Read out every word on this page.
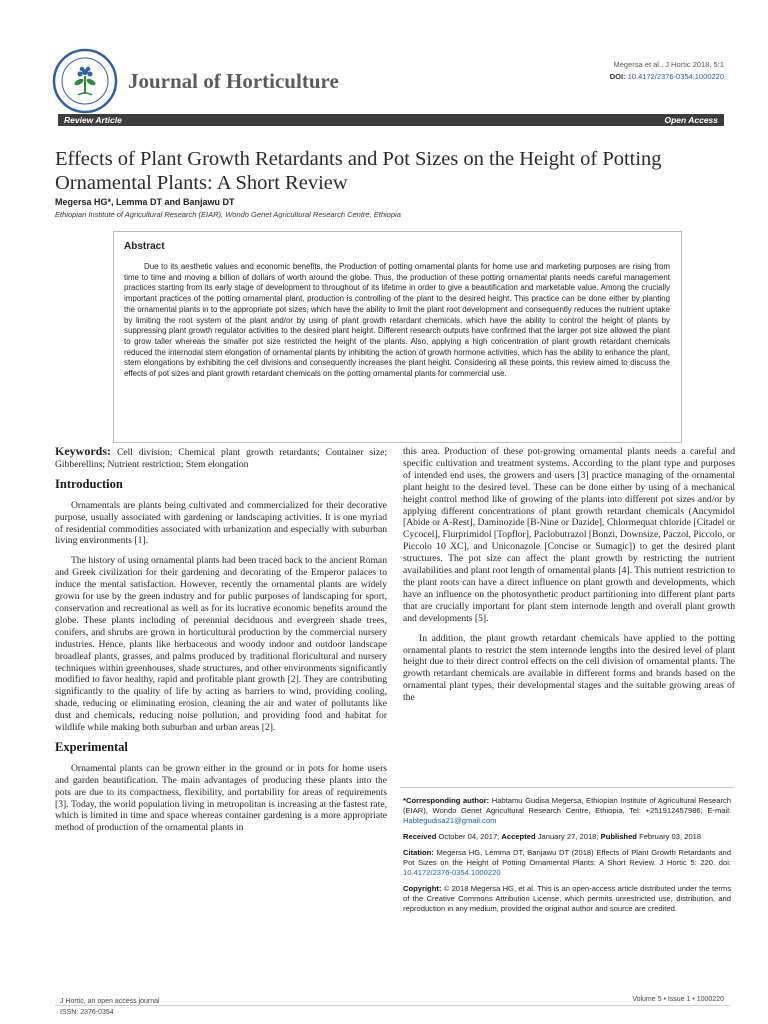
Journal of Horticulture
Megersa et al., J Hortic 2018, 5:1
DOI: 10.4172/2376-0354.1000220
Review Article	Open Access
Effects of Plant Growth Retardants and Pot Sizes on the Height of Potting Ornamental Plants: A Short Review
Megersa HG*, Lemma DT and Banjawu DT
Ethiopian Institute of Agricultural Research (EIAR), Wondo Genet Agricultural Research Centre, Ethiopia
Abstract

Due to its aesthetic values and economic benefits, the Production of potting ornamental plants for home use and marketing purposes are rising from time to time and moving a billion of dollars of worth around the globe. Thus, the production of these potting ornamental plants needs careful management practices starting from its early stage of development to throughout of its lifetime in order to give a beautification and marketable value. Among the crucially important practices of the potting ornamental plant, production is controlling of the plant to the desired height. This practice can be done either by planting the ornamental plants in to the appropriate pot sizes, which have the ability to limit the plant root development and consequently reduces the nutrient uptake by limiting the root system of the plant and/or by using of plant growth retardant chemicals, which have the ability to control the height of plants by suppressing plant growth regulator activities to the desired plant height. Different research outputs have confirmed that the larger pot size allowed the plant to grow taller whereas the smaller pot size restricted the height of the plants. Also, applying a high concentration of plant growth retardant chemicals reduced the internodal stem elongation of ornamental plants by inhibiting the action of growth hormone activities, which has the ability to enhance the plant, stem elongations by exhibiting the cell divisions and consequently increases the plant height. Considering all these points, this review aimed to discuss the effects of pot sizes and plant growth retardant chemicals on the potting ornamental plants for commercial use.

Keywords: Cell division; Chemical plant growth retardants; Container size; Gibberellins; Nutrient restriction; Stem elongation

Introduction

Ornamentals are plants being cultivated and commercialized for their decorative purpose, usually associated with gardening or landscaping activities. It is one myriad of residential commodities associated with urbanization and especially with suburban living environments [1].

The history of using ornamental plants had been traced back to the ancient Roman and Greek civilization for their gardening and decorating of the Emperor palaces to induce the mental satisfaction. However, recently the ornamental plants are widely grown for use by the green industry and for public purposes of landscaping for sport, conservation and recreational as well as for its lucrative economic benefits around the globe. These plants including of perennial deciduous and evergreen shade trees, conifers, and shrubs are grown in horticultural production by the commercial nursery industries. Hence, plants like herbaceous and woody indoor and outdoor landscape broadleaf plants, grasses, and palms produced by traditional floricultural and nursery techniques within greenhouses, shade structures, and other environments significantly modified to favor healthy, rapid and profitable plant growth [2]. They are contributing significantly to the quality of life by acting as barriers to wind, providing cooling, shade, reducing or eliminating erosion, cleaning the air and water of pollutants like dust and chemicals, reducing noise pollution, and providing food and habitat for wildlife while making both suburban and urban areas [2].

Experimental

Ornamental plants can be grown either in the ground or in pots for home users and garden beautification. The main advantages of producing these plants into the pots are due to its compactness, flexibility, and portability for areas of requirements [3]. Today, the world population living in metropolitan is increasing at the fastest rate, which is limited in time and space whereas container gardening is a more appropriate method of production of the ornamental plants in

this area. Production of these pot-growing ornamental plants needs a careful and specific cultivation and treatment systems. According to the plant type and purposes of intended end uses, the growers and users [3] practice managing of the ornamental plant height to the desired level. These can be done either by using of a mechanical height control method like of growing of the plants into different pot sizes and/or by applying different concentrations of plant growth retardant chemicals (Ancymidol [Abide or A-Rest], Daminozide [B-Nine or Dazide], Chlormequat chloride [Citadel or Cycocel], Flurprimidol [Topflor], Paclobutrazol [Bonzi, Downsize, Paczol, Piccolo, or Piccolo 10 XC], and Uniconazole [Concise or Sumagic]) to get the desired plant structures. The pot size can affect the plant growth by restricting the nutrient availabilities and plant root length of ornamental plants [4]. This nutrient restriction to the plant roots can have a direct influence on plant growth and developments, which have an influence on the photosynthetic product partitioning into different plant parts that are crucially important for plant stem internode length and overall plant growth and developments [5].

In addition, the plant growth retardant chemicals have applied to the potting ornamental plants to restrict the stem internode lengths into the desired level of plant height due to their direct control effects on the cell division of ornamental plants. The growth retardant chemicals are available in different forms and brands based on the ornamental plant types, their developmental stages and the suitable growing areas of the

*Corresponding author: Habtamu Gudisa Megersa, Ethiopian Institute of Agricultural Research (EIAR), Wondo Genet Agricultural Research Centre, Ethiopia, Tel: +251912457986; E-mail: Habtegudisa21@gmail.com

Received October 04, 2017; Accepted January 27, 2018; Published February 03, 2018

Citation: Megersa HG, Lemma DT, Banjawu DT (2018) Effects of Plant Growth Retardants and Pot Sizes on the Height of Potting Ornamental Plants: A Short Review. J Hortic 5: 220. doi: 10.4172/2376-0354.1000220

Copyright: © 2018 Megersa HG, et al. This is an open-access article distributed under the terms of the Creative Commons Attribution License, which permits unrestricted use, distribution, and reproduction in any medium, provided the original author and source are credited.

J Hortic, an open access journal
ISSN: 2376-0354
Volume 5 • Issue 1 • 1000220
